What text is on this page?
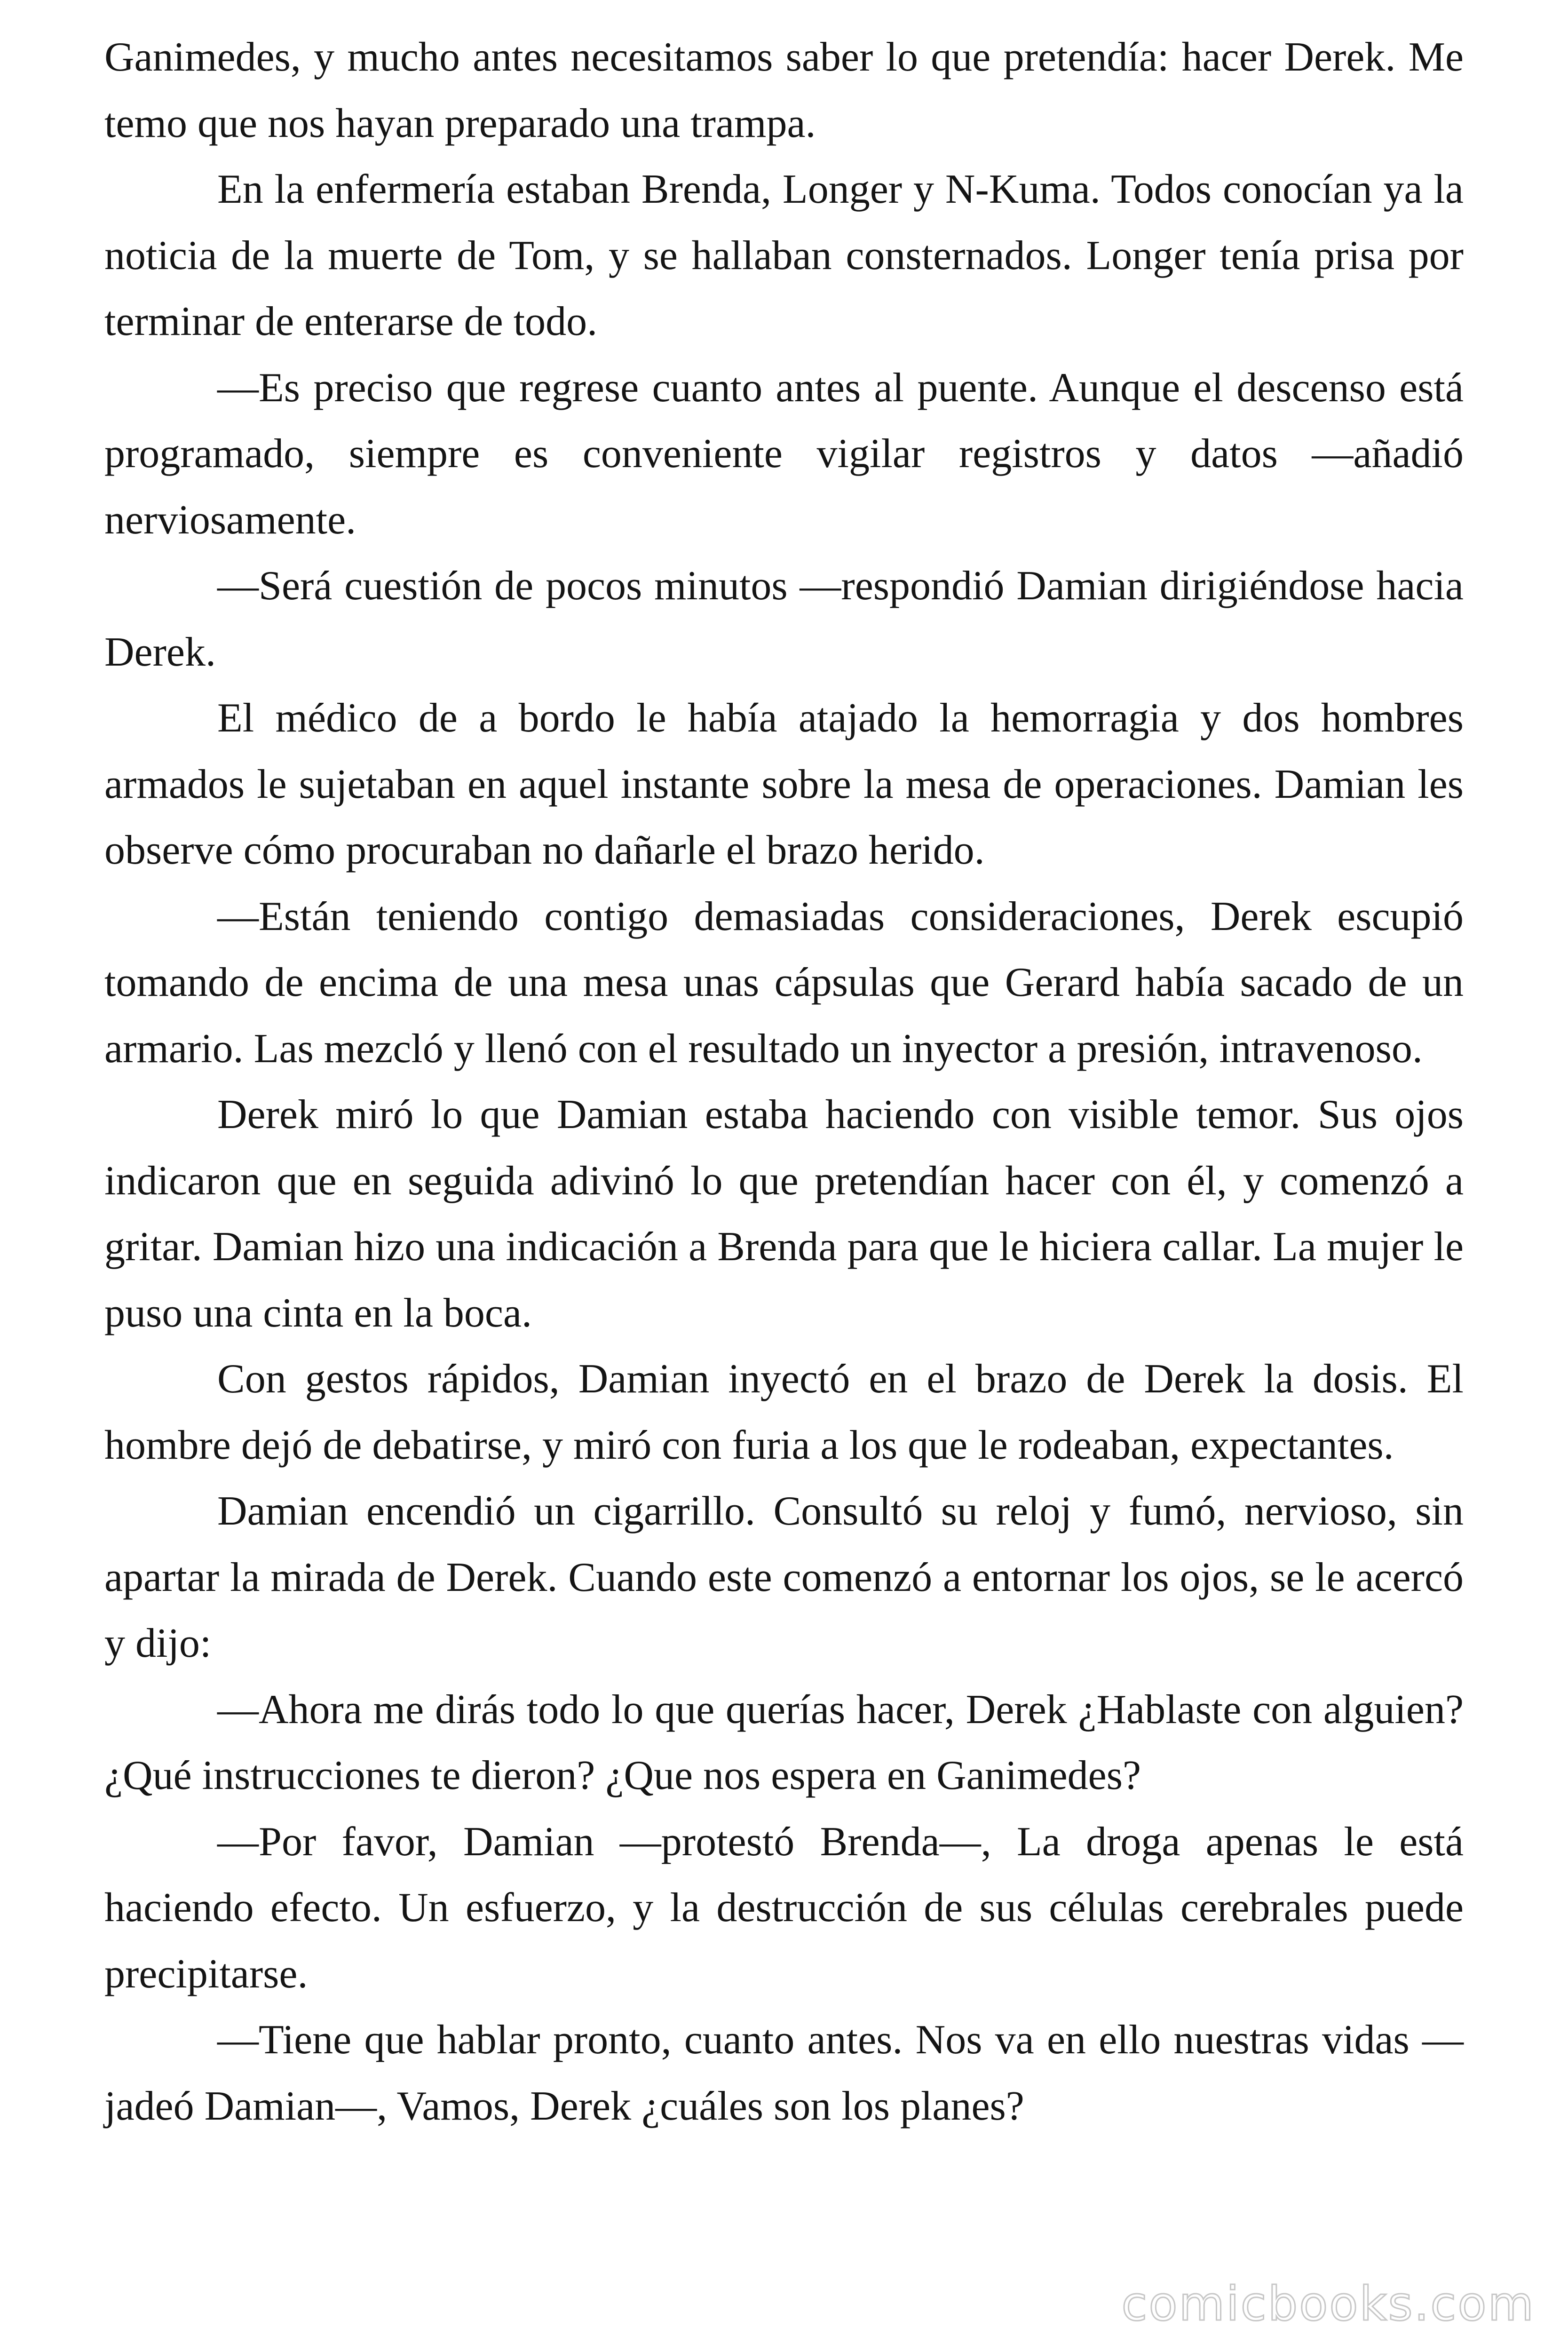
Ganimedes, y mucho antes necesitamos saber lo que pretendía: hacer Derek. Me temo que nos hayan preparado una trampa.

En la enfermería estaban Brenda, Longer y N-Kuma. Todos conocían ya la noticia de la muerte de Tom, y se hallaban consternados. Longer tenía prisa por terminar de enterarse de todo.

—Es preciso que regrese cuanto antes al puente. Aunque el descenso está programado, siempre es conveniente vigilar registros y datos —añadió nerviosamente.

—Será cuestión de pocos minutos —respondió Damian dirigiéndose hacia Derek.

El médico de a bordo le había atajado la hemorragia y dos hombres armados le sujetaban en aquel instante sobre la mesa de operaciones. Damian les observe cómo procuraban no dañarle el brazo herido.

—Están teniendo contigo demasiadas consideraciones, Derek escupió tomando de encima de una mesa unas cápsulas que Gerard había sacado de un armario. Las mezcló y llenó con el resultado un inyector a presión, intravenoso.

Derek miró lo que Damian estaba haciendo con visible temor. Sus ojos indicaron que en seguida adivinó lo que pretendían hacer con él, y comenzó a gritar. Damian hizo una indicación a Brenda para que le hiciera callar. La mujer le puso una cinta en la boca.

Con gestos rápidos, Damian inyectó en el brazo de Derek la dosis. El hombre dejó de debatirse, y miró con furia a los que le rodeaban, expectantes.

Damian encendió un cigarrillo. Consultó su reloj y fumó, nervioso, sin apartar la mirada de Derek. Cuando este comenzó a entornar los ojos, se le acercó y dijo:

—Ahora me dirás todo lo que querías hacer, Derek ¿Hablaste con alguien? ¿Qué instrucciones te dieron? ¿Que nos espera en Ganimedes?

—Por favor, Damian —protestó Brenda—, La droga apenas le está haciendo efecto. Un esfuerzo, y la destrucción de sus células cerebrales puede precipitarse.

—Tiene que hablar pronto, cuanto antes. Nos va en ello nuestras vidas —jadeó Damian—, Vamos, Derek ¿cuáles son los planes?

comicbooks.com
